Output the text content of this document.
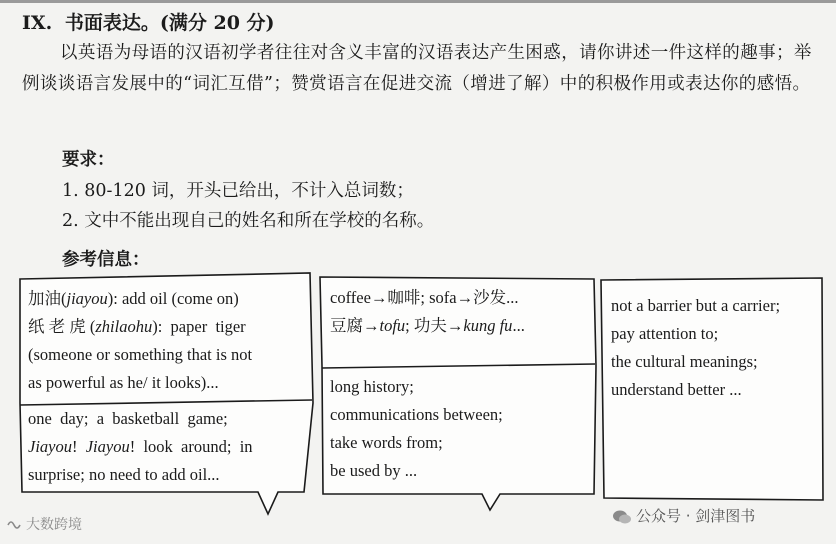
IX. 书面表达。(满分 20 分)
以英语为母语的汉语初学者往往对含义丰富的汉语表达产生困惑，请你讲述一件这样的趣事；举例谈谈语言发展中的“词汇互借”；赞赏语言在促进交流（增进了解）中的积极作用或表达你的感悟。
要求：
1. 80-120 词，开头已给出，不计入总词数；
2. 文中不能出现自己的姓名和所在学校的名称。
参考信息：
加油(jiayou): add oil (come on)
纸 老 虎 (zhilaohu):  paper  tiger
(someone or something that is not
as powerful as he/ it looks)...
one  day;  a  basketball  game;
Jiayou!  Jiayou!  look  around;  in
surprise; no need to add oil...
coffee→咖啡; sofa→沙发...
豆腐→tofu; 功夫→kung fu...
long history;
communications between;
take words from;
be used by ...
not a barrier but a carrier;
pay attention to;
the cultural meanings;
understand better ...
大数跨境	公众号 · 剑津图书
